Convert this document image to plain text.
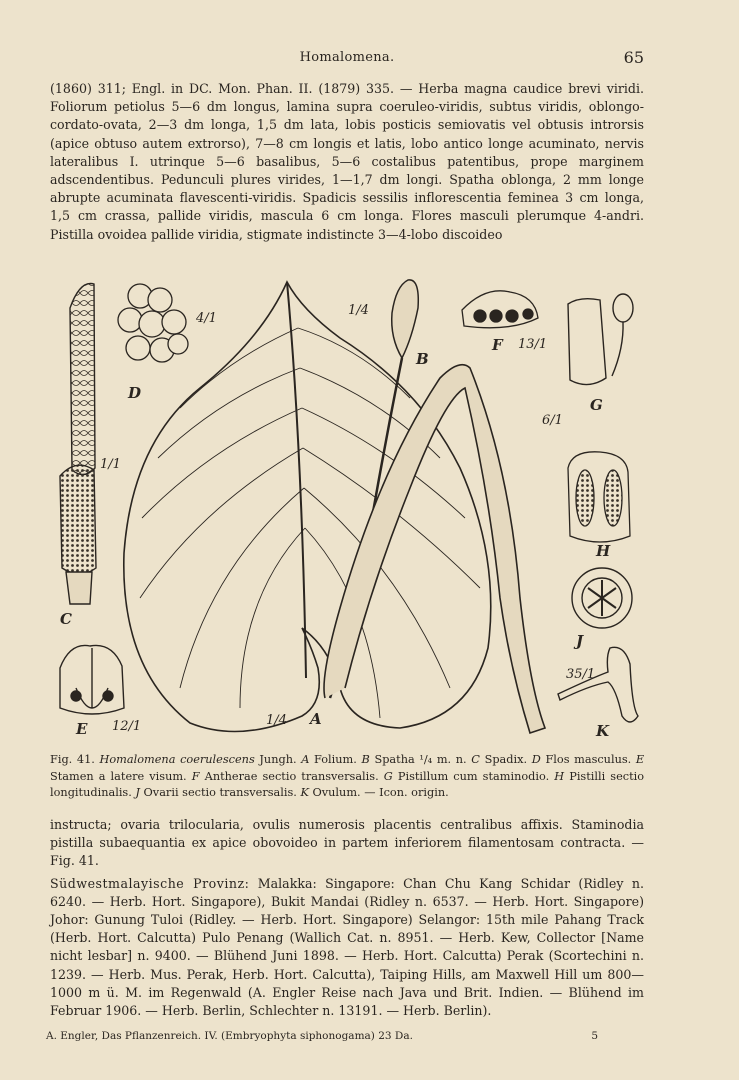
Homalomena.	65

(1860) 311; Engl. in DC. Mon. Phan. II. (1879) 335. — Herba magna caudice brevi viridi. Foliorum petiolus 5—6 dm longus, lamina supra coeruleo-viridis, subtus viridis, oblongo-cordato-ovata, 2—3 dm longa, 1,5 dm lata, lobis posticis semiovatis vel obtusis introrsis (apice obtuso autem extrorso), 7—8 cm longis et latis, lobo antico longe acuminato, nervis lateralibus I. utrinque 5—6 basalibus, 5—6 costalibus patentibus, prope marginem adscendentibus. Pedunculi plures virides, 1—1,7 dm longi. Spatha oblonga, 2 mm longe abrupte acuminata flavescenti-viridis. Spadicis sessilis inflorescentia feminea 3 cm longa, 1,5 cm crassa, pallide viridis, mascula 6 cm longa. Flores masculi plerumque 4-andri. Pistilla ovoidea pallide viridia, stigmate indistincte 3—4-lobo discoideo

D
C
E
A
B
F
G
H
J
K
4/1
1/4
13/1
1/1
6/1
1/4
12/1
35/1

Fig. 41. Homalomena coerulescens Jungh. A Folium. B Spatha ¹/₄ m. n. C Spadix. D Flos masculus. E Stamen a latere visum. F Antherae sectio transversalis. G Pistillum cum staminodio. H Pistilli sectio longitudinalis. J Ovarii sectio transversalis. K Ovulum. — Icon. origin.

instructa; ovaria trilocularia, ovulis numerosis placentis centralibus affixis. Staminodia pistilla subaequantia ex apice obovoideo in partem inferiorem filamentosam contracta. — Fig. 41.

Südwestmalayische Provinz: Malakka: Singapore: Chan Chu Kang Schidar (Ridley n. 6240. — Herb. Hort. Singapore), Bukit Mandai (Ridley n. 6537. — Herb. Hort. Singapore) Johor: Gunung Tuloi (Ridley. — Herb. Hort. Singapore) Selangor: 15th mile Pahang Track (Herb. Hort. Calcutta) Pulo Penang (Wallich Cat. n. 8951. — Herb. Kew, Collector [Name nicht lesbar] n. 9400. — Blühend Juni 1898. — Herb. Hort. Calcutta) Perak (Scortechini n. 1239. — Herb. Mus. Perak, Herb. Hort. Calcutta), Taiping Hills, am Maxwell Hill um 800—1000 m ü. M. im Regenwald (A. Engler Reise nach Java und Brit. Indien. — Blühend im Februar 1906. — Herb. Berlin, Schlechter n. 13191. — Herb. Berlin).

A. Engler, Das Pflanzenreich. IV. (Embryophyta siphonogama) 23 Da.	5
